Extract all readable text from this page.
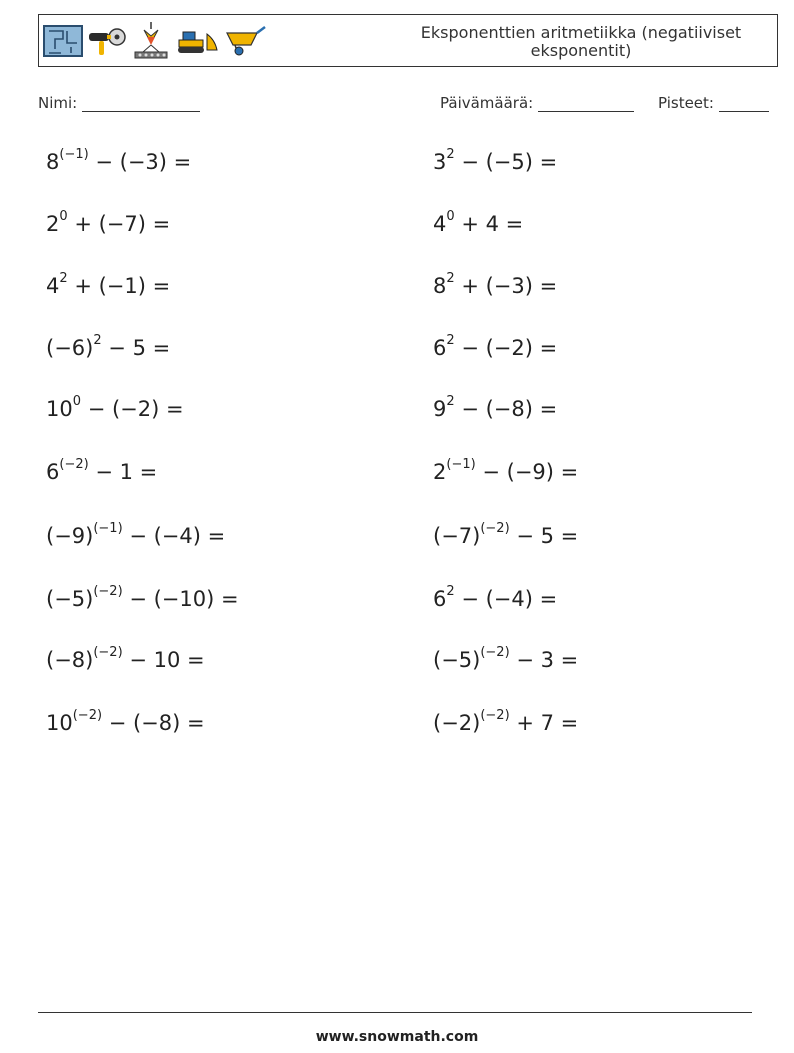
Eksponenttien aritmetiikka (negatiiviset eksponentit)
Nimi:	Päivämäärä:	Pisteet:
$8^{(-1)} - (-3)$ =
$2^0 + (-7)$ =
$4^2 + (-1)$ =
$(-6)^2 - 5$ =
$10^0 - (-2)$ =
$6^{(-2)} - 1$ =
$(-9)^{(-1)} - (-4)$ =
$(-5)^{(-2)} - (-10)$ =
$(-8)^{(-2)} - 10$ =
$10^{(-2)} - (-8)$ =
$3^2 - (-5)$ =
$4^0 + 4$ =
$8^2 + (-3)$ =
$6^2 - (-2)$ =
$9^2 - (-8)$ =
$2^{(-1)} - (-9)$ =
$(-7)^{(-2)} - 5$ =
$6^2 - (-4)$ =
$(-5)^{(-2)} - 3$ =
$(-2)^{(-2)} + 7$ =
www.snowmath.com
